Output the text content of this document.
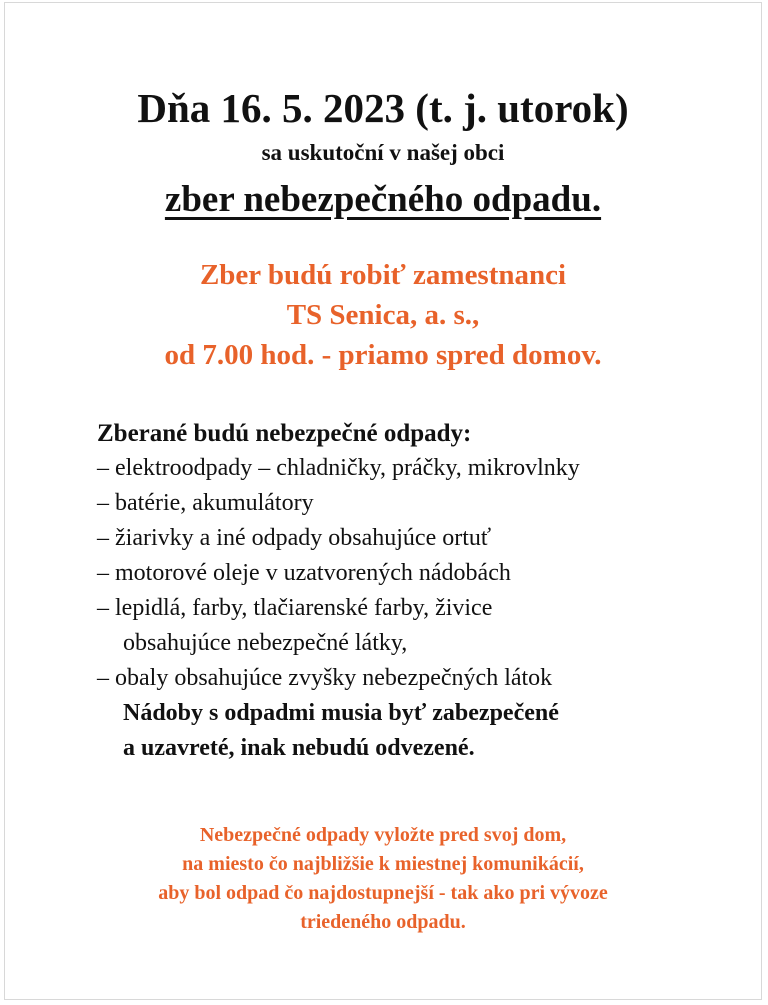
Dňa 16. 5. 2023 (t. j. utorok)
sa uskutoční v našej obci
zber nebezpečného odpadu.
Zber budú robiť zamestnanci
TS Senica, a. s.,
od 7.00 hod. - priamo spred domov.
Zberané budú nebezpečné odpady:
– elektroodpady – chladničky, práčky, mikrovlnky
– batérie, akumulátory
– žiarivky a iné odpady obsahujúce ortuť
– motorové oleje v uzatvorených nádobách
– lepidlá, farby, tlačiarenské farby, živice
obsahujúce nebezpečné látky,
– obaly obsahujúce zvyšky nebezpečných látok
Nádoby s odpadmi musia byť zabezpečené
a uzavreté, inak nebudú odvezené.
Nebezpečné odpady vyložte pred svoj dom,
na miesto čo najbližšie k miestnej komunikácií,
aby bol odpad čo najdostupnejší - tak ako pri vývoze
triedeného odpadu.
